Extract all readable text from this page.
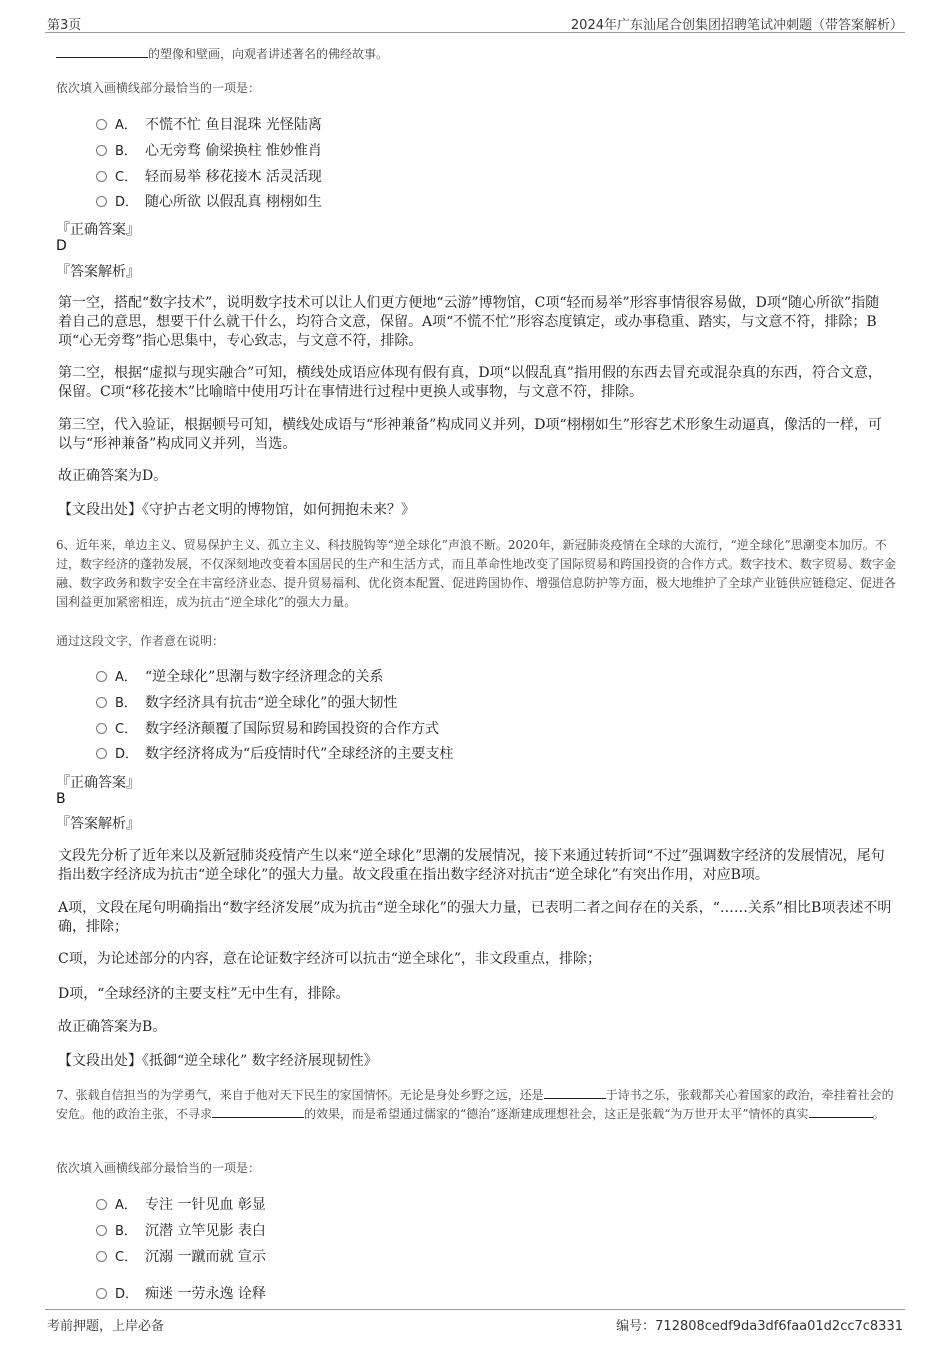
第3页	2024年广东汕尾合创集团招聘笔试冲刺题（带答案解析）
的塑像和壁画，向观者讲述著名的佛经故事。
依次填入画横线部分最恰当的一项是：
A． 不慌不忙 鱼目混珠 光怪陆离
B． 心无旁骛 偷梁换柱 惟妙惟肖
C． 轻而易举 移花接木 活灵活现
D． 随心所欲 以假乱真 栩栩如生
『正确答案』
D
『答案解析』
第一空，搭配“数字技术”，说明数字技术可以让人们更方便地“云游”博物馆，C项“轻而易举”形容事情很容易做，D项“随心所欲”指随着自己的意思，想要干什么就干什么，均符合文意，保留。A项“不慌不忙”形容态度镇定，或办事稳重、踏实，与文意不符，排除；B项“心无旁骛”指心思集中，专心致志，与文意不符，排除。
第二空，根据“虚拟与现实融合”可知，横线处成语应体现有假有真，D项“以假乱真”指用假的东西去冒充或混杂真的东西，符合文意，保留。C项“移花接木”比喻暗中使用巧计在事情进行过程中更换人或事物，与文意不符，排除。
第三空，代入验证，根据顿号可知，横线处成语与“形神兼备”构成同义并列，D项“栩栩如生”形容艺术形象生动逼真，像活的一样，可以与“形神兼备”构成同义并列，当选。
故正确答案为D。
【文段出处】《守护古老文明的博物馆，如何拥抱未来？》
6、近年来，单边主义、贸易保护主义、孤立主义、科技脱钩等“逆全球化”声浪不断。2020年，新冠肺炎疫情在全球的大流行，“逆全球化”思潮变本加厉。不过，数字经济的蓬勃发展，不仅深刻地改变着本国居民的生产和生活方式，而且革命性地改变了国际贸易和跨国投资的合作方式。数字技术、数字贸易、数字金融、数字政务和数字安全在丰富经济业态、提升贸易福利、优化资本配置、促进跨国协作、增强信息防护等方面，极大地维护了全球产业链供应链稳定、促进各国利益更加紧密相连，成为抗击“逆全球化”的强大力量。
通过这段文字，作者意在说明：
A． “逆全球化”思潮与数字经济理念的关系
B． 数字经济具有抗击“逆全球化”的强大韧性
C． 数字经济颠覆了国际贸易和跨国投资的合作方式
D． 数字经济将成为“后疫情时代”全球经济的主要支柱
『正确答案』
B
『答案解析』
文段先分析了近年来以及新冠肺炎疫情产生以来“逆全球化”思潮的发展情况，接下来通过转折词“不过”强调数字经济的发展情况，尾句指出数字经济成为抗击“逆全球化”的强大力量。故文段重在指出数字经济对抗击“逆全球化”有突出作用，对应B项。
A项，文段在尾句明确指出“数字经济发展”成为抗击“逆全球化”的强大力量，已表明二者之间存在的关系，“……关系”相比B项表述不明确，排除；
C项，为论述部分的内容，意在论证数字经济可以抗击“逆全球化”，非文段重点，排除；
D项，“全球经济的主要支柱”无中生有，排除。
故正确答案为B。
【文段出处】《抵御“逆全球化” 数字经济展现韧性》
7、张载自信担当的为学勇气，来自于他对天下民生的家国情怀。无论是身处乡野之远，还是	于诗书之乐，张载都关心着国家的政治，牵挂着社会的安危。他的政治主张，不寻求	的效果，而是希望通过儒家的“德治”逐渐建成理想社会，这正是张载“为万世开太平”情怀的真实	。
依次填入画横线部分最恰当的一项是：
A． 专注 一针见血 彰显
B． 沉潜 立竿见影 表白
C． 沉溺 一蹴而就 宣示
D． 痴迷 一劳永逸 诠释
考前押题，上岸必备	编号：712808cedf9da3df6faa01d2cc7c8331
